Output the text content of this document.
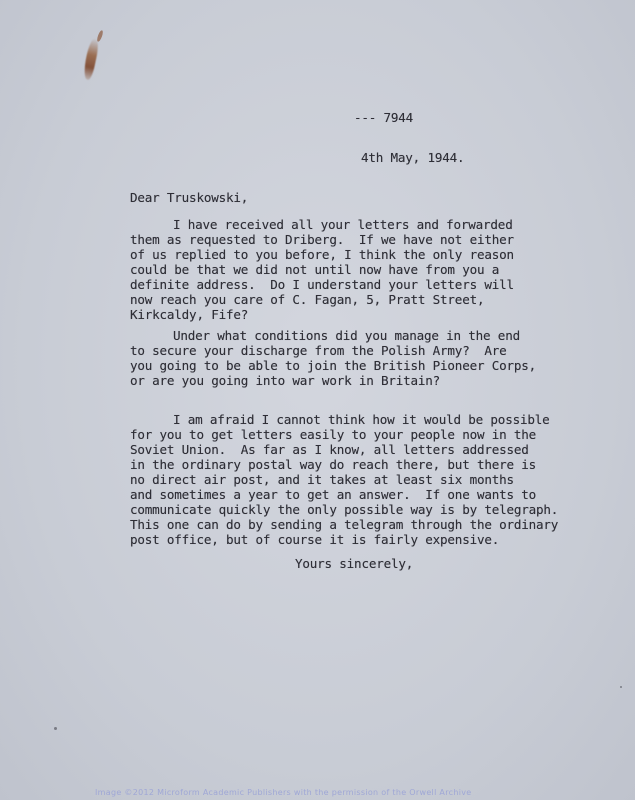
--- 7944
4th May, 1944.
Dear Truskowski,
I have received all your letters and forwarded
them as requested to Driberg.  If we have not either
of us replied to you before, I think the only reason
could be that we did not until now have from you a
definite address.  Do I understand your letters will
now reach you care of C. Fagan, 5, Pratt Street,
Kirkcaldy, Fife?
Under what conditions did you manage in the end
to secure your discharge from the Polish Army?  Are
you going to be able to join the British Pioneer Corps,
or are you going into war work in Britain?
I am afraid I cannot think how it would be possible
for you to get letters easily to your people now in the
Soviet Union.  As far as I know, all letters addressed
in the ordinary postal way do reach there, but there is
no direct air post, and it takes at least six months
and sometimes a year to get an answer.  If one wants to
communicate quickly the only possible way is by telegraph.
This one can do by sending a telegram through the ordinary
post office, but of course it is fairly expensive.
Yours sincerely,
Image ©2012 Microform Academic Publishers with the permission of the Orwell Archive
